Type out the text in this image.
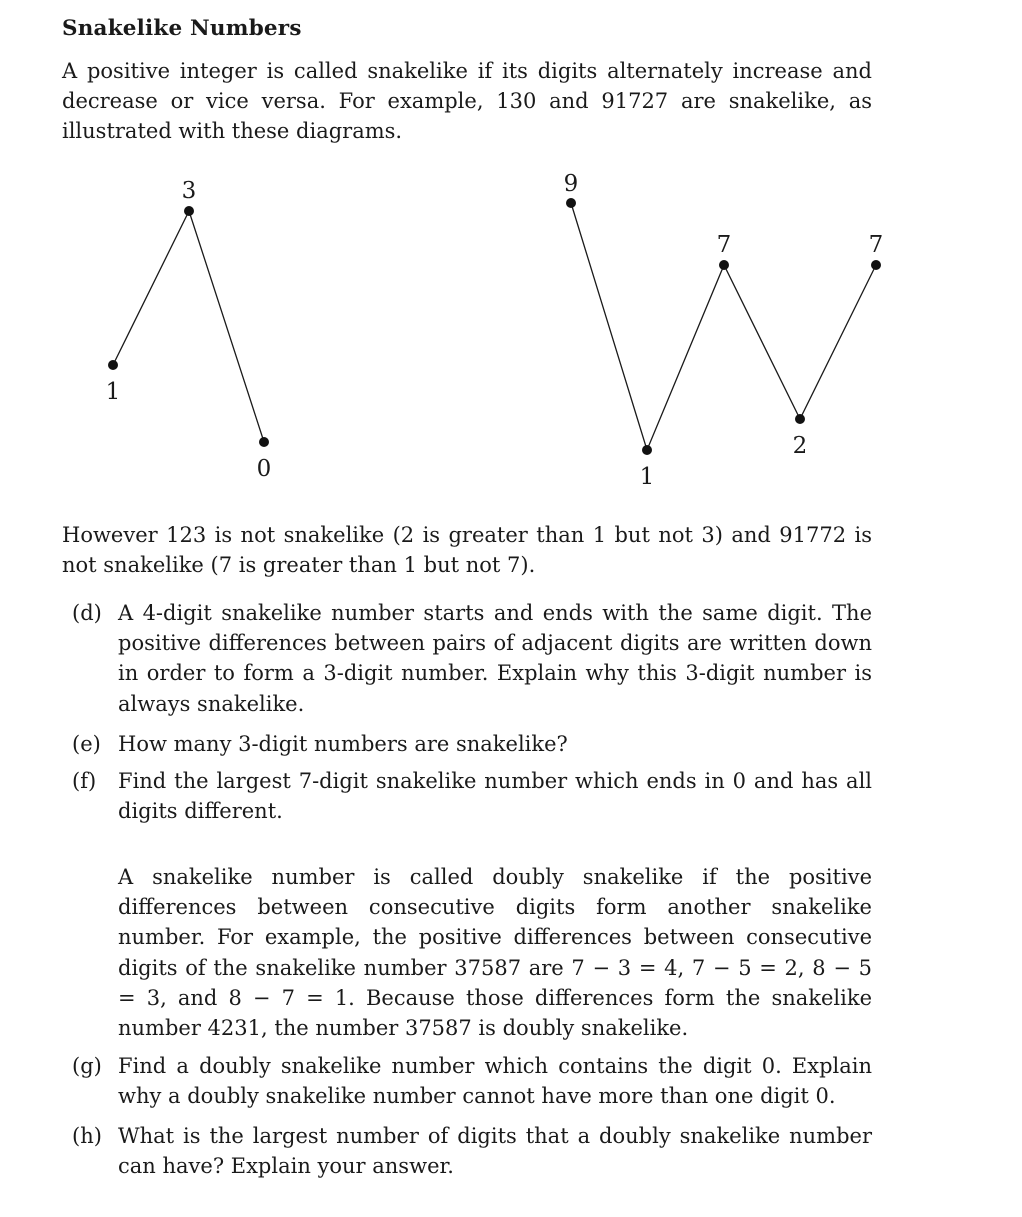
Snakelike Numbers

A positive integer is called snakelike if its digits alternately increase and decrease or vice versa. For example, 130 and 91727 are snakelike, as illustrated with these diagrams.

1
3
0
9
1
7
2
7

However 123 is not snakelike (2 is greater than 1 but not 3) and 91772 is not snakelike (7 is greater than 1 but not 7).

(d) A 4-digit snakelike number starts and ends with the same digit. The positive differences between pairs of adjacent digits are written down in order to form a 3-digit number. Explain why this 3-digit number is always snakelike.
(e) How many 3-digit numbers are snakelike?
(f) Find the largest 7-digit snakelike number which ends in 0 and has all digits different.

A snakelike number is called doubly snakelike if the positive differences between consecutive digits form another snakelike number. For example, the positive differences between consecutive digits of the snakelike number 37587 are 7 − 3 = 4, 7 − 5 = 2, 8 − 5 = 3, and 8 − 7 = 1. Because those differences form the snakelike number 4231, the number 37587 is doubly snakelike.

(g) Find a doubly snakelike number which contains the digit 0. Explain why a doubly snakelike number cannot have more than one digit 0.
(h) What is the largest number of digits that a doubly snakelike number can have? Explain your answer.
